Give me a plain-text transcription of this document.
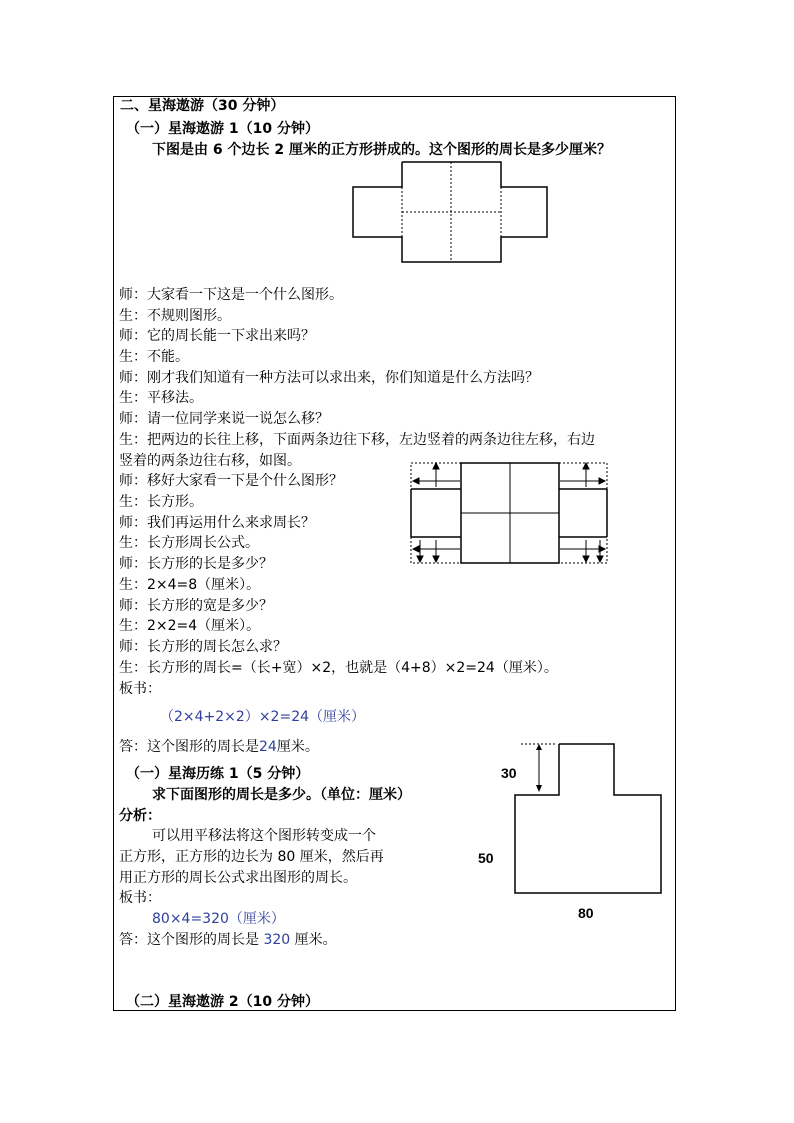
二、星海遨游（30 分钟）
（一）星海遨游 1（10 分钟）
下图是由 6 个边长 2 厘米的正方形拼成的。这个图形的周长是多少厘米？
师：大家看一下这是一个什么图形。
生：不规则图形。
师：它的周长能一下求出来吗？
生：不能。
师：刚才我们知道有一种方法可以求出来，你们知道是什么方法吗？
生：平移法。
师：请一位同学来说一说怎么移？
生：把两边的长往上移，下面两条边往下移，左边竖着的两条边往左移，右边
竖着的两条边往右移，如图。
师：移好大家看一下是个什么图形？
生：长方形。
师：我们再运用什么来求周长？
生：长方形周长公式。
师：长方形的长是多少？
生：2×4=8（厘米）。
师：长方形的宽是多少？
生：2×2=4（厘米）。
师：长方形的周长怎么求？
生：长方形的周长=（长+宽）×2，也就是（4+8）×2=24（厘米）。
板书：
（2×4+2×2）×2=24（厘米）
答：这个图形的周长是24厘米。
（一）星海历练 1（5 分钟）
求下面图形的周长是多少。（单位：厘米）
分析：
可以用平移法将这个图形转变成一个
正方形，正方形的边长为 80 厘米，然后再
用正方形的周长公式求出图形的周长。
板书：
80×4=320（厘米）
答：这个图形的周长是 320 厘米。
30
50
80
（二）星海遨游 2（10 分钟）
